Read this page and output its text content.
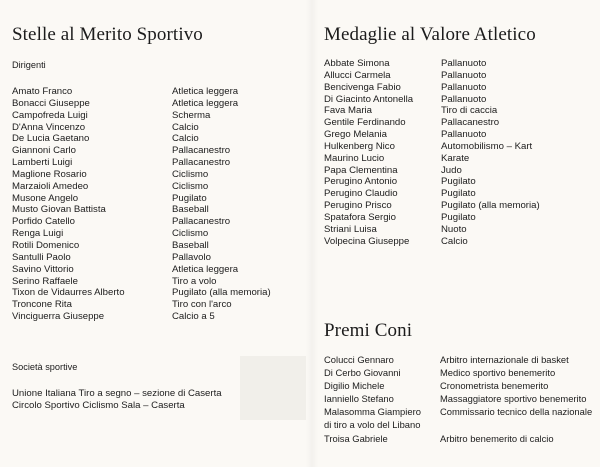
Stelle al Merito Sportivo
Dirigenti
Amato Franco	Atletica leggera
Bonacci Giuseppe	Atletica leggera
Campofreda Luigi	Scherma
D'Anna Vincenzo	Calcio
De Lucia Gaetano	Calcio
Giannoni Carlo	Pallacanestro
Lamberti Luigi	Pallacanestro
Maglione Rosario	Ciclismo
Marzaioli Amedeo	Ciclismo
Musone Angelo	Pugilato
Musto Giovan Battista	Baseball
Porfido Catello	Pallacanestro
Renga Luigi	Ciclismo
Rotili Domenico	Baseball
Santulli Paolo	Pallavolo
Savino Vittorio	Atletica leggera
Serino Raffaele	Tiro a volo
Tixon de Vidaurres Alberto	Pugilato (alla memoria)
Troncone Rita	Tiro con l'arco
Vinciguerra Giuseppe	Calcio a 5
Società sportive
Unione Italiana Tiro a segno – sezione di Caserta
Circolo Sportivo Ciclismo Sala – Caserta
Medaglie al Valore Atletico
Abbate Simona	Pallanuoto
Allucci Carmela	Pallanuoto
Bencivenga Fabio	Pallanuoto
Di Giacinto Antonella	Pallanuoto
Fava Maria	Tiro di caccia
Gentile Ferdinando	Pallacanestro
Grego Melania	Pallanuoto
Hulkenberg Nico	Automobilismo – Kart
Maurino Lucio	Karate
Papa Clementina	Judo
Perugino Antonio	Pugilato
Perugino Claudio	Pugilato
Perugino Prisco	Pugilato (alla memoria)
Spatafora Sergio	Pugilato
Striani Luisa	Nuoto
Volpecina Giuseppe	Calcio
Premi Coni
Colucci Gennaro	Arbitro internazionale di basket
Di Cerbo Giovanni	Medico sportivo benemerito
Digilio Michele	Cronometrista benemerito
Ianniello Stefano	Massaggiatore sportivo benemerito
Malasomma Giampiero	Commissario tecnico della nazionale
di tiro a volo del Libano
Troisa Gabriele	Arbitro benemerito di calcio
